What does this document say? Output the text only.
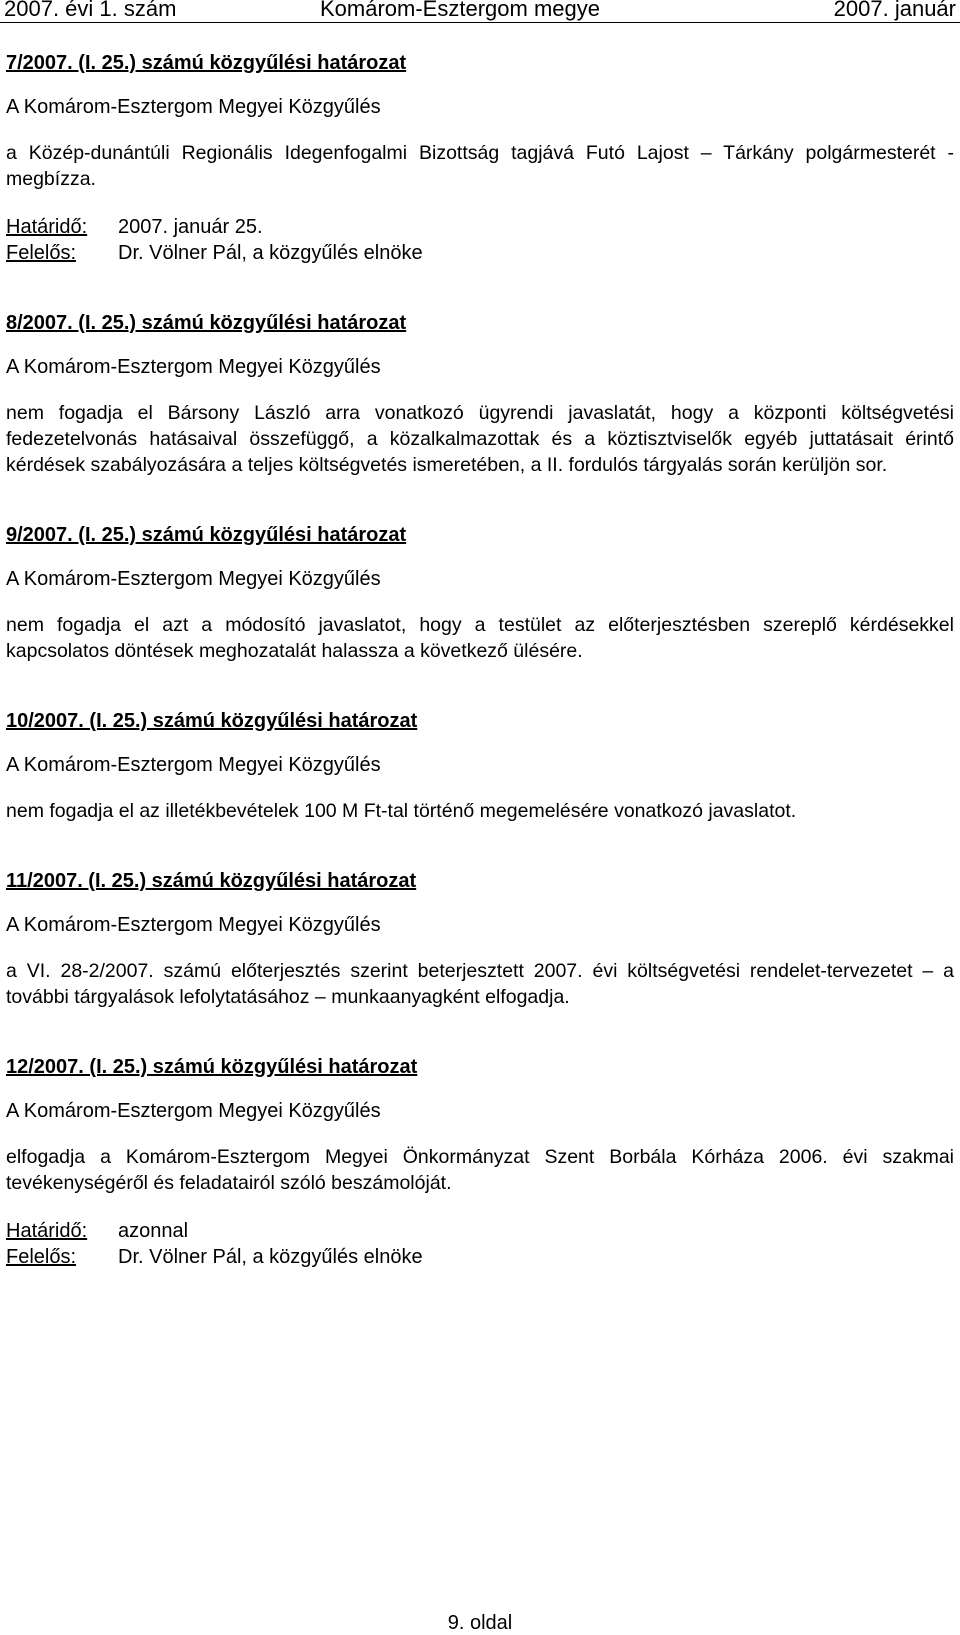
2007. évi 1. szám	Komárom-Esztergom megye	2007. január

7/2007. (I. 25.) számú közgyűlési határozat

A Komárom-Esztergom Megyei Közgyűlés

a Közép-dunántúli Regionális Idegenfogalmi Bizottság tagjává Futó Lajost – Tárkány polgármesterét - megbízza.

Határidő:	2007. január 25.
Felelős:	Dr. Völner Pál, a közgyűlés elnöke

8/2007. (I. 25.) számú közgyűlési határozat

A Komárom-Esztergom Megyei Közgyűlés

nem fogadja el Bársony László arra vonatkozó ügyrendi javaslatát, hogy a központi költségvetési fedezetelvonás hatásaival összefüggő, a közalkalmazottak és a köztisztviselők egyéb juttatásait érintő kérdések szabályozására a teljes költségvetés ismeretében, a II. fordulós tárgyalás során kerüljön sor.

9/2007. (I. 25.) számú közgyűlési határozat

A Komárom-Esztergom Megyei Közgyűlés

nem fogadja el azt a módosító javaslatot, hogy a testület az előterjesztésben szereplő kérdésekkel kapcsolatos döntések meghozatalát halassza a következő ülésére.

10/2007. (I. 25.) számú közgyűlési határozat

A Komárom-Esztergom Megyei Közgyűlés

nem fogadja el az illetékbevételek 100 M Ft-tal történő megemelésére vonatkozó javaslatot.

11/2007. (I. 25.) számú közgyűlési határozat

A Komárom-Esztergom Megyei Közgyűlés

a VI. 28-2/2007. számú előterjesztés szerint beterjesztett 2007. évi költségvetési rendelet-tervezetet – a további tárgyalások lefolytatásához – munkaanyagként elfogadja.

12/2007. (I. 25.) számú közgyűlési határozat

A Komárom-Esztergom Megyei Közgyűlés

elfogadja a Komárom-Esztergom Megyei Önkormányzat Szent Borbála Kórháza 2006. évi szakmai tevékenységéről és feladatairól szóló beszámolóját.

Határidő:	azonnal
Felelős:	Dr. Völner Pál, a közgyűlés elnöke
9. oldal
